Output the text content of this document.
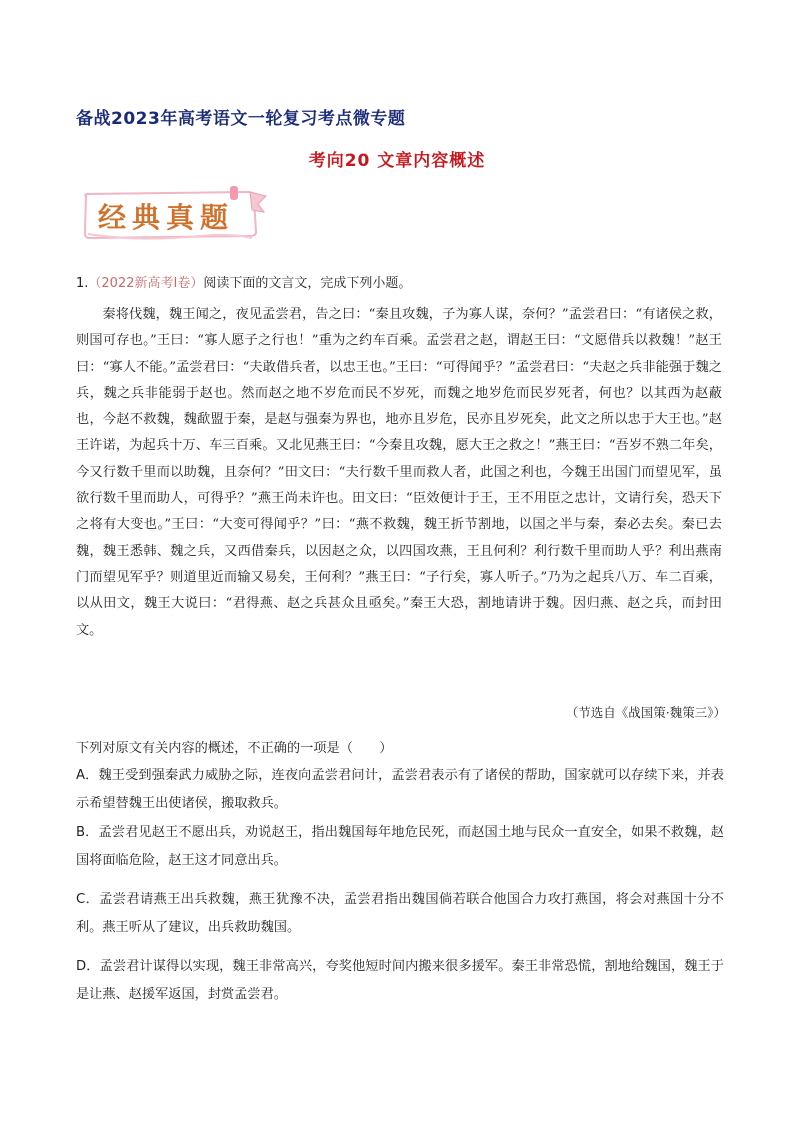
备战2023年高考语文一轮复习考点微专题
考向20 文章内容概述
经典真题
1.（2022新高考I卷）阅读下面的文言文，完成下列小题。
秦将伐魏，魏王闻之，夜见孟尝君，告之曰：“秦且攻魏，子为寡人谋，奈何？”孟尝君曰：“有诸侯之救，则国可存也。”王曰：“寡人愿子之行也！”重为之约车百乘。孟尝君之赵，谓赵王曰：“文愿借兵以救魏！”赵王曰：“寡人不能。”孟尝君曰：“夫敢借兵者，以忠王也。”王曰：“可得闻乎？”孟尝君曰：“夫赵之兵非能强于魏之兵，魏之兵非能弱于赵也。然而赵之地不岁危而民不岁死，而魏之地岁危而民岁死者，何也？以其西为赵蔽也，今赵不救魏，魏歃盟于秦，是赵与强秦为界也，地亦且岁危，民亦且岁死矣，此文之所以忠于大王也。”赵王许诺，为起兵十万、车三百乘。又北见燕王曰：“今秦且攻魏，愿大王之救之！”燕王曰：“吾岁不熟二年矣，今又行数千里而以助魏，且奈何？”田文曰：“夫行数千里而救人者，此国之利也，今魏王出国门而望见军，虽欲行数千里而助人，可得乎？”燕王尚未许也。田文曰：“臣效便计于王，王不用臣之忠计，文请行矣，恐天下之将有大变也。”王曰：“大变可得闻乎？”曰：“燕不救魏，魏王折节割地，以国之半与秦，秦必去矣。秦已去魏，魏王悉韩、魏之兵，又西借秦兵，以因赵之众，以四国攻燕，王且何利？利行数千里而助人乎？利出燕南门而望见军乎？则道里近而输又易矣，王何利？”燕王曰：“子行矣，寡人听子。”乃为之起兵八万、车二百乘，以从田文，魏王大说曰：“君得燕、赵之兵甚众且亟矣。”秦王大恐，割地请讲于魏。因归燕、赵之兵，而封田文。
（节选自《战国策·魏策三》）
下列对原文有关内容的概述，不正确的一项是（　　）
A．魏王受到强秦武力威胁之际，连夜向孟尝君问计，孟尝君表示有了诸侯的帮助，国家就可以存续下来，并表示希望替魏王出使诸侯，搬取救兵。
B．孟尝君见赵王不愿出兵，劝说赵王，指出魏国每年地危民死，而赵国土地与民众一直安全，如果不救魏，赵国将面临危险，赵王这才同意出兵。
C．孟尝君请燕王出兵救魏，燕王犹豫不决，孟尝君指出魏国倘若联合他国合力攻打燕国，将会对燕国十分不利。燕王听从了建议，出兵救助魏国。
D．孟尝君计谋得以实现，魏王非常高兴，夸奖他短时间内搬来很多援军。秦王非常恐慌，割地给魏国，魏王于是让燕、赵援军返国，封赏孟尝君。
